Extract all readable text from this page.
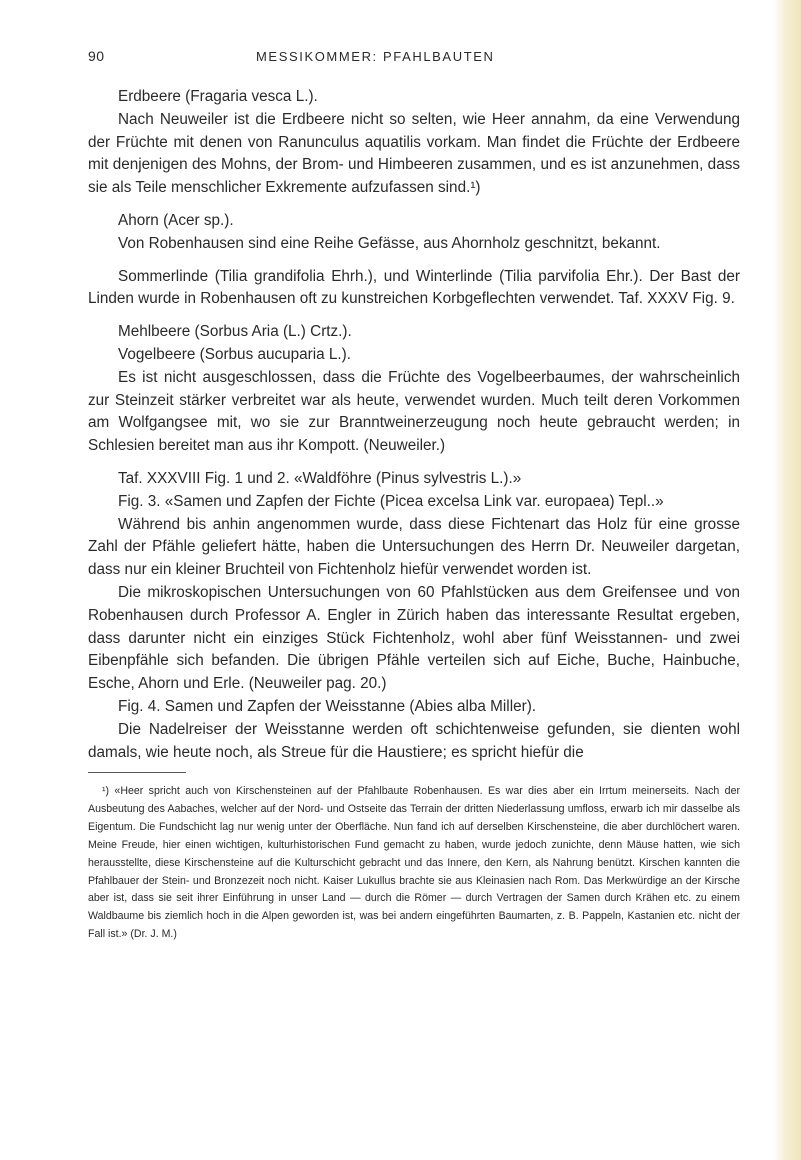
90	MESSIKOMMER: PFAHLBAUTEN

Erdbeere (Fragaria vesca L.).

Nach Neuweiler ist die Erdbeere nicht so selten, wie Heer annahm, da eine Verwendung der Früchte mit denen von Ranunculus aquatilis vorkam. Man findet die Früchte der Erdbeere mit denjenigen des Mohns, der Brom- und Himbeeren zusammen, und es ist anzunehmen, dass sie als Teile menschlicher Exkremente aufzufassen sind.¹)

Ahorn (Acer sp.).

Von Robenhausen sind eine Reihe Gefässe, aus Ahornholz geschnitzt, bekannt.

Sommerlinde (Tilia grandifolia Ehrh.), und Winterlinde (Tilia parvifolia Ehr.). Der Bast der Linden wurde in Robenhausen oft zu kunstreichen Korbgeflechten verwendet. Taf. XXXV Fig. 9.

Mehlbeere (Sorbus Aria (L.) Crtz.).

Vogelbeere (Sorbus aucuparia L.).

Es ist nicht ausgeschlossen, dass die Früchte des Vogelbeerbaumes, der wahrscheinlich zur Steinzeit stärker verbreitet war als heute, verwendet wurden. Much teilt deren Vorkommen am Wolfgangsee mit, wo sie zur Branntweinerzeugung noch heute gebraucht werden; in Schlesien bereitet man aus ihr Kompott. (Neuweiler.)

Taf. XXXVIII Fig. 1 und 2. «Waldföhre (Pinus sylvestris L.).»

Fig. 3. «Samen und Zapfen der Fichte (Picea excelsa Link var. europaea) Tepl..»

Während bis anhin angenommen wurde, dass diese Fichtenart das Holz für eine grosse Zahl der Pfähle geliefert hätte, haben die Untersuchungen des Herrn Dr. Neuweiler dargetan, dass nur ein kleiner Bruchteil von Fichtenholz hiefür verwendet worden ist.

Die mikroskopischen Untersuchungen von 60 Pfahlstücken aus dem Greifensee und von Robenhausen durch Professor A. Engler in Zürich haben das interessante Resultat ergeben, dass darunter nicht ein einziges Stück Fichtenholz, wohl aber fünf Weisstannen- und zwei Eibenpfähle sich befanden. Die übrigen Pfähle verteilen sich auf Eiche, Buche, Hainbuche, Esche, Ahorn und Erle. (Neuweiler pag. 20.)

Fig. 4. Samen und Zapfen der Weisstanne (Abies alba Miller).

Die Nadelreiser der Weisstanne werden oft schichtenweise gefunden, sie dienten wohl damals, wie heute noch, als Streue für die Haustiere; es spricht hiefür die

¹) «Heer spricht auch von Kirschensteinen auf der Pfahlbaute Robenhausen. Es war dies aber ein Irrtum meinerseits. Nach der Ausbeutung des Aabaches, welcher auf der Nord- und Ostseite das Terrain der dritten Niederlassung umfloss, erwarb ich mir dasselbe als Eigentum. Die Fundschicht lag nur wenig unter der Oberfläche. Nun fand ich auf derselben Kirschensteine, die aber durchlöchert waren. Meine Freude, hier einen wichtigen, kulturhistorischen Fund gemacht zu haben, wurde jedoch zunichte, denn Mäuse hatten, wie sich herausstellte, diese Kirschensteine auf die Kulturschicht gebracht und das Innere, den Kern, als Nahrung benützt. Kirschen kannten die Pfahlbauer der Stein- und Bronzezeit noch nicht. Kaiser Lukullus brachte sie aus Kleinasien nach Rom. Das Merkwürdige an der Kirsche aber ist, dass sie seit ihrer Einführung in unser Land — durch die Römer — durch Vertragen der Samen durch Krähen etc. zu einem Waldbaume bis ziemlich hoch in die Alpen geworden ist, was bei andern eingeführten Baumarten, z. B. Pappeln, Kastanien etc. nicht der Fall ist.» (Dr. J. M.)
